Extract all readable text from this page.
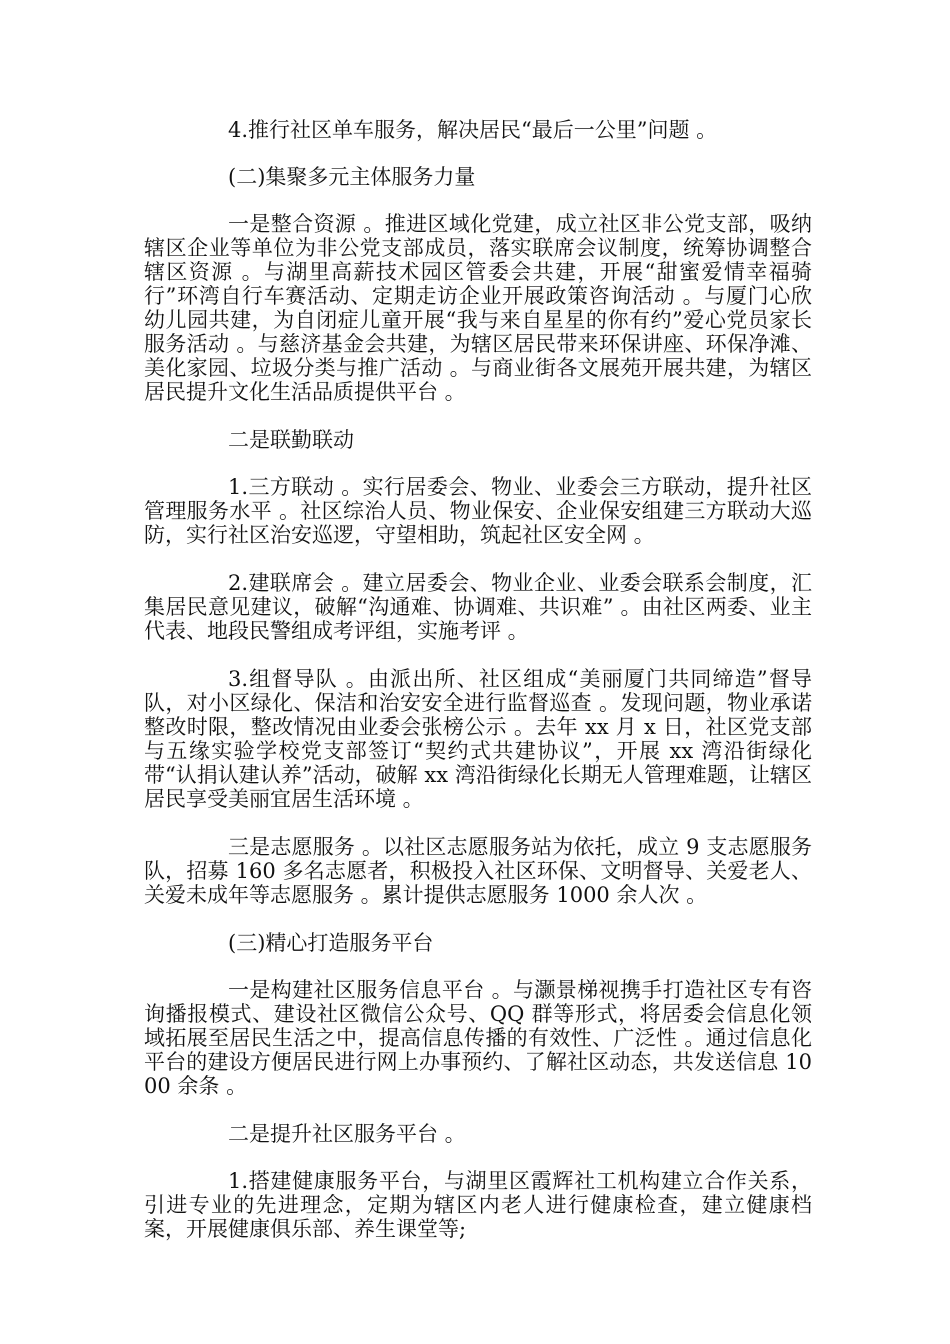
4.推行社区单车服务，解决居民“最后一公里”问题 。

(二)集聚多元主体服务力量

一是整合资源 。推进区域化党建，成立社区非公党支部，吸纳辖区企业等单位为非公党支部成员，落实联席会议制度，统筹协调整合辖区资源 。与湖里高薪技术园区管委会共建，开展“甜蜜爱情幸福骑行”环湾自行车赛活动、定期走访企业开展政策咨询活动 。与厦门心欣幼儿园共建，为自闭症儿童开展“我与来自星星的你有约”爱心党员家长服务活动 。与慈济基金会共建，为辖区居民带来环保讲座、环保净滩、美化家园、垃圾分类与推广活动 。与商业街各文展苑开展共建，为辖区居民提升文化生活品质提供平台 。

二是联勤联动

1.三方联动 。实行居委会、物业、业委会三方联动，提升社区管理服务水平 。社区综治人员、物业保安、企业保安组建三方联动大巡防，实行社区治安巡逻，守望相助，筑起社区安全网 。

2.建联席会 。建立居委会、物业企业、业委会联系会制度，汇集居民意见建议，破解“沟通难、协调难、共识难” 。由社区两委、业主代表、地段民警组成考评组，实施考评 。

3.组督导队 。由派出所、社区组成“美丽厦门共同缔造”督导队，对小区绿化、保洁和治安安全进行监督巡查 。发现问题，物业承诺整改时限，整改情况由业委会张榜公示 。去年 xx 月 x 日，社区党支部与五缘实验学校党支部签订“契约式共建协议”，开展 xx 湾沿街绿化带“认捐认建认养”活动，破解 xx 湾沿街绿化长期无人管理难题，让辖区居民享受美丽宜居生活环境 。

三是志愿服务 。以社区志愿服务站为依托，成立 9 支志愿服务队，招募 160 多名志愿者，积极投入社区环保、文明督导、关爱老人、关爱未成年等志愿服务 。累计提供志愿服务 1000 余人次 。

(三)精心打造服务平台

一是构建社区服务信息平台 。与灏景梯视携手打造社区专有咨询播报模式、建设社区微信公众号、QQ 群等形式，将居委会信息化领域拓展至居民生活之中，提高信息传播的有效性、广泛性 。通过信息化平台的建设方便居民进行网上办事预约、了解社区动态，共发送信息 1000 余条 。

二是提升社区服务平台 。

1.搭建健康服务平台，与湖里区霞辉社工机构建立合作关系，引进专业的先进理念，定期为辖区内老人进行健康检查，建立健康档案，开展健康俱乐部、养生课堂等;
